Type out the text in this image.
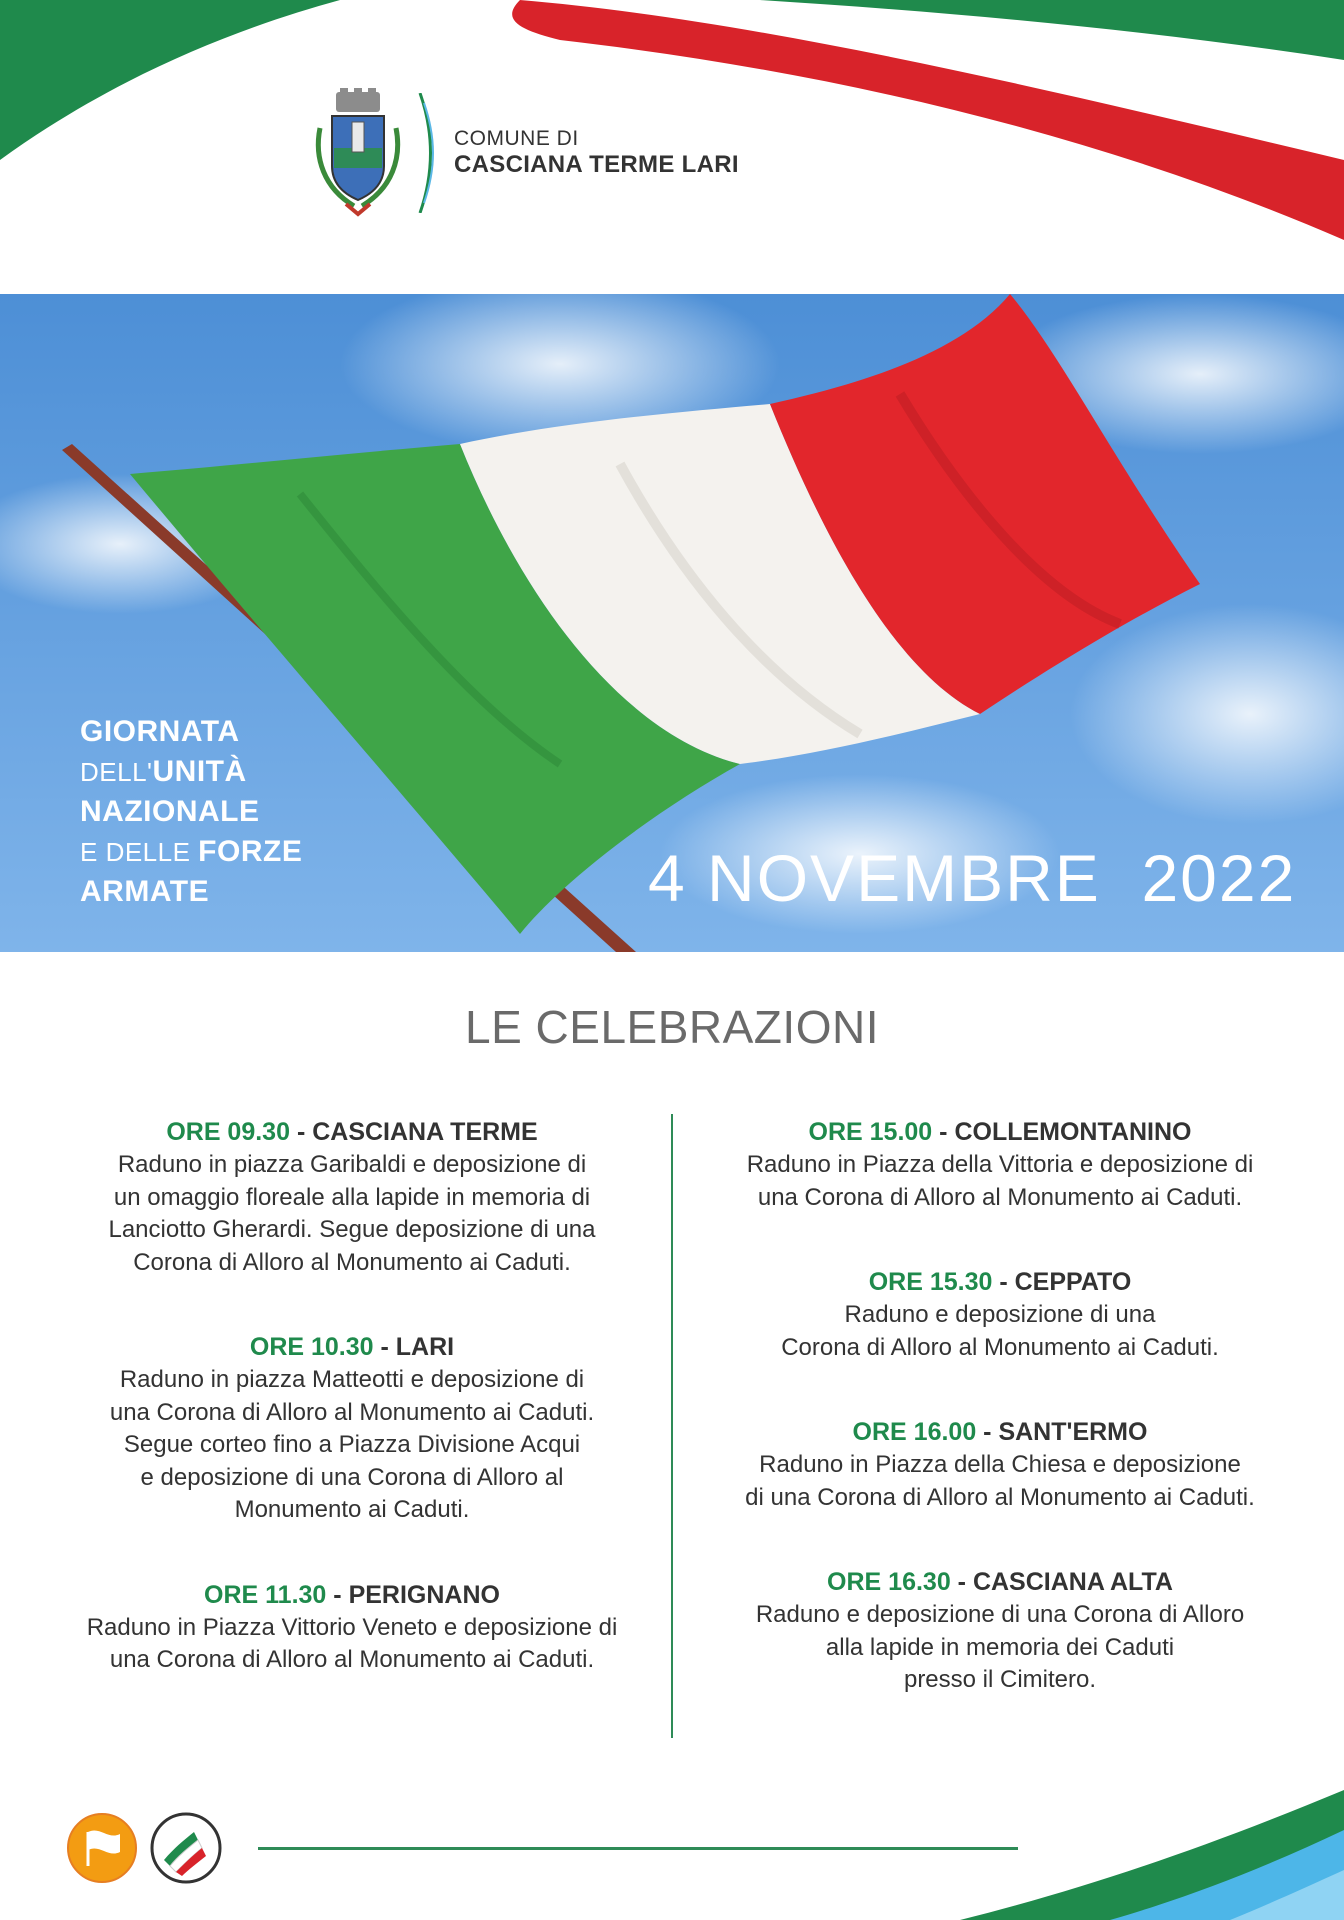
COMUNE DI
CASCIANA TERME LARI
GIORNATA
DELL'UNITÀ
NAZIONALE
E DELLE FORZE
ARMATE	4 NOVEMBRE  2022
LE CELEBRAZIONI
ORE 09.30 - CASCIANA TERME
Raduno in piazza Garibaldi e deposizione di
un omaggio floreale alla lapide in memoria di
Lanciotto Gherardi. Segue deposizione di una
Corona di Alloro al Monumento ai Caduti.
ORE 10.30 - LARI
Raduno in piazza Matteotti e deposizione di
una Corona di Alloro al Monumento ai Caduti.
Segue corteo fino a Piazza Divisione Acqui
e deposizione di una Corona di Alloro al
Monumento ai Caduti.
ORE 11.30 - PERIGNANO
Raduno in Piazza Vittorio Veneto e deposizione di
una Corona di Alloro al Monumento ai Caduti.
ORE 15.00 - COLLEMONTANINO
Raduno in Piazza della Vittoria e deposizione di
una Corona di Alloro al Monumento ai Caduti.
ORE 15.30 - CEPPATO
Raduno e deposizione di una
Corona di Alloro al Monumento ai Caduti.
ORE 16.00 - SANT'ERMO
Raduno in Piazza della Chiesa e deposizione
di una Corona di Alloro al Monumento ai Caduti.
ORE 16.30 - CASCIANA ALTA
Raduno e deposizione di una Corona di Alloro
alla lapide in memoria dei Caduti
presso il Cimitero.
